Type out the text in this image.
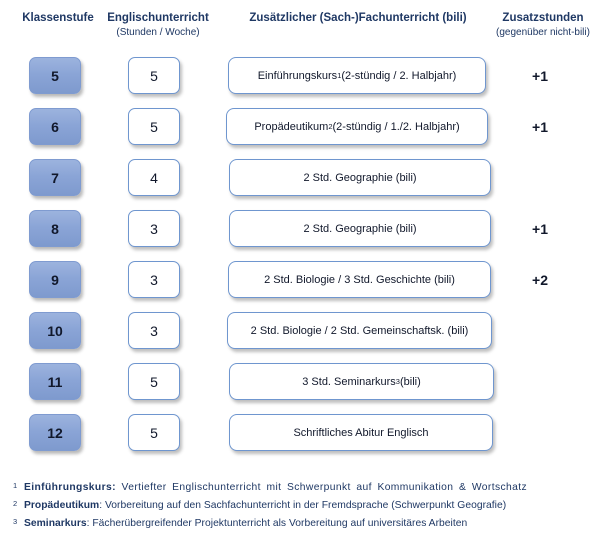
Klassenstufe	Englischunterricht
(Stunden / Woche)
Zusätzlicher (Sach-)Fachunterricht (bili)	Zusatzstunden
(gegenüber nicht-bili)
5	5	Einführungskurs 1 (2-stündig / 2. Halbjahr)	+1
6	5	Propädeutikum 2 (2-stündig / 1./2. Halbjahr)	+1
7	4	2 Std. Geographie (bili)
8	3	2 Std. Geographie (bili)	+1
9	3	2 Std. Biologie / 3 Std. Geschichte (bili)	+2
10	3	2 Std. Biologie / 2 Std. Gemeinschaftsk. (bili)
11	5	3 Std. Seminarkurs 3 (bili)
12	5	Schriftliches Abitur Englisch
1 Einführungskurs: Vertiefter Englischunterricht mit Schwerpunkt auf Kommunikation & Wortschatz
2 Propädeutikum: Vorbereitung auf den Sachfachunterricht in der Fremdsprache (Schwerpunkt Geografie)
3 Seminarkurs: Fächerübergreifender Projektunterricht als Vorbereitung auf universitäres Arbeiten
